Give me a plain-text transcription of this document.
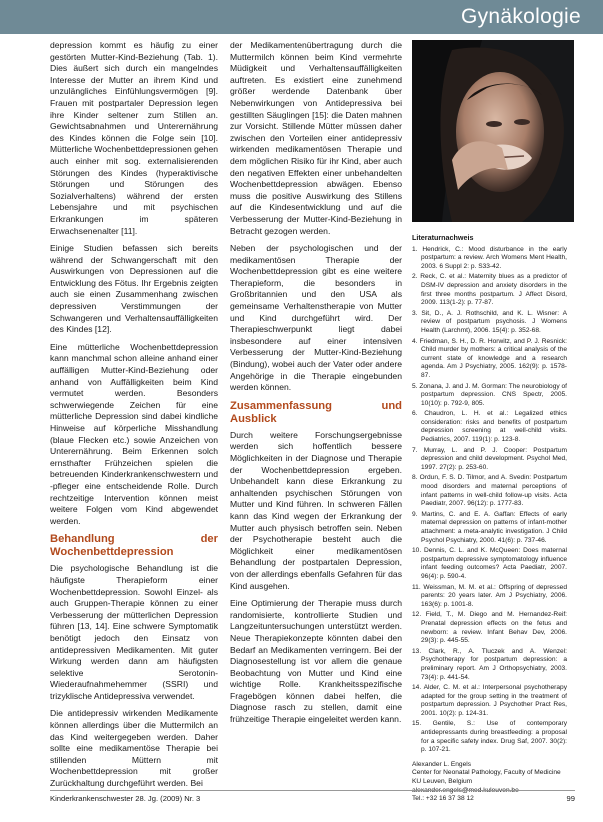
Gynäkologie

depression kommt es häufig zu einer gestörten Mutter-Kind-Beziehung (Tab. 1). Dies äußert sich durch ein mangelndes Interesse der Mutter an ihrem Kind und unzulängliches Einfühlungsvermögen [9]. Frauen mit postpartaler Depression legen ihre Kinder seltener zum Stillen an. Gewichtsabnahmen und Unterernährung des Kindes können die Folge sein [10]. Mütterliche Wochenbettdepressionen gehen auch einher mit sog. externalisierenden Störungen des Kindes (hyperaktivische Störungen und Störungen des Sozialverhaltens) während der ersten Lebensjahre und mit psychischen Erkrankungen im späteren Erwachsenenalter [11].

Einige Studien befassen sich bereits während der Schwangerschaft mit den Auswirkungen von Depressionen auf die Entwicklung des Fötus. Ihr Ergebnis zeigten auch sie einen Zusammenhang zwischen depressiven Verstimmungen der Schwangeren und Verhaltensauffälligkeiten des Kindes [12].

Eine mütterliche Wochenbettdepression kann manchmal schon alleine anhand einer auffälligen Mutter-Kind-Beziehung oder anhand von Auffälligkeiten beim Kind vermutet werden. Besonders schwerwiegende Zeichen für eine mütterliche Depression sind dabei kindliche Hinweise auf körperliche Misshandlung (blaue Flecken etc.) sowie Anzeichen von Unterernährung. Beim Erkennen solch ernsthafter Frühzeichen spielen die betreuenden Kinderkrankenschwestern und -pfleger eine entscheidende Rolle. Durch rechtzeitige Intervention können meist weitere Folgen vom Kind abgewendet werden.

Behandlung der Wochenbettdepression

Die psychologische Behandlung ist die häufigste Therapieform einer Wochenbettdepression. Sowohl Einzel- als auch Gruppen-Therapie können zu einer Verbesserung der mütterlichen Depression führen [13, 14]. Eine schwere Symptomatik benötigt jedoch den Einsatz von antidepressiven Medikamenten. Mit guter Wirkung werden dann am häufigsten selektive Serotonin-Wiederaufnahmehemmer (SSRI) und trizyklische Antidepressiva verwendet.

Die antidepressiv wirkenden Medikamente können allerdings über die Muttermilch an das Kind weitergegeben werden. Daher sollte eine medikamentöse Therapie bei stillenden Müttern mit Wochenbettdepression mit großer Zurückhaltung durchgeführt werden. Bei

der Medikamentenübertragung durch die Muttermilch können beim Kind vermehrte Müdigkeit und Verhaltensauffälligkeiten auftreten. Es existiert eine zunehmend größer werdende Datenbank über Nebenwirkungen von Antidepressiva bei gestillten Säuglingen [15]: die Daten mahnen zur Vorsicht. Stillende Mütter müssen daher zwischen den Vorteilen einer antidepressiv wirkenden medikamentösen Therapie und dem möglichen Risiko für ihr Kind, aber auch den negativen Effekten einer unbehandelten Wochenbettdepression abwägen. Ebenso muss die positive Auswirkung des Stillens auf die Kindesentwicklung und auf die Verbesserung der Mutter-Kind-Beziehung in Betracht gezogen werden.

Neben der psychologischen und der medikamentösen Therapie der Wochenbettdepression gibt es eine weitere Therapieform, die besonders in Großbritannien und den USA als gemeinsame Verhaltenstherapie von Mutter und Kind durchgeführt wird. Der Therapieschwerpunkt liegt dabei insbesondere auf einer intensiven Verbesserung der Mutter-Kind-Beziehung (Bindung), wobei auch der Vater oder andere Angehörige in die Therapie eingebunden werden können.

Zusammenfassung und Ausblick

Durch weitere Forschungsergebnisse werden sich hoffentlich bessere Möglichkeiten in der Diagnose und Therapie der Wochenbettdepression ergeben. Unbehandelt kann diese Erkrankung zu anhaltenden psychischen Störungen von Mutter und Kind führen. In schweren Fällen kann das Kind wegen der Erkrankung der Mutter auch physisch betroffen sein. Neben der Psychotherapie besteht auch die Möglichkeit einer medikamentösen Behandlung der postpartalen Depression, von der allerdings ebenfalls Gefahren für das Kind ausgehen.

Eine Optimierung der Therapie muss durch randomisierte, kontrollierte Studien und Langzeituntersuchungen unterstützt werden. Neue Therapiekonzepte könnten dabei den Bedarf an Medikamenten verringern. Bei der Diagnosestellung ist vor allem die genaue Beobachtung von Mutter und Kind eine wichtige Rolle. Krankheitsspezifische Fragebögen können dabei helfen, die Diagnose rasch zu stellen, damit eine frühzeitige Therapie eingeleitet werden kann.

Literaturnachweis
1. Hendrick, C.: Mood disturbance in the early postpartum: a review. Arch Womens Ment Health, 2003. 6 Suppl 2: p. S33-42.
2. Reck, C. et al.: Maternity blues as a predictor of DSM-IV depression and anxiety disorders in the first three months postpartum. J Affect Disord, 2009. 113(1-2): p. 77-87.
3. Sit, D., A. J. Rothschild, and K. L. Wisner: A review of postpartum psychosis. J Womens Health (Larchmt), 2006. 15(4): p. 352-68.
4. Friedman, S. H., D. R. Horwitz, and P. J. Resnick: Child murder by mothers: a critical analysis of the current state of knowledge and a research agenda. Am J Psychiatry, 2005. 162(9): p. 1578-87.
5. Zonana, J. and J. M. Gorman: The neurobiology of postpartum depression. CNS Spectr, 2005. 10(10): p. 792-9, 805.
6. Chaudron, L. H. et al.: Legalized ethics consideration: risks and benefits of postpartum depression screening at well-child visits. Pediatrics, 2007. 119(1): p. 123-8.
7. Murray, L. and P. J. Cooper: Postpartum depression and child development. Psychol Med, 1997. 27(2): p. 253-60.
8. Ordun, F. S. D. Tilmor, and A. Svedin: Postpartum mood disorders and maternal perceptions of infant patterns in well-child follow-up visits. Acta Paediatr, 2007. 96(12): p. 1777-83.
9. Martins, C. and E. A. Gaffan: Effects of early maternal depression on patterns of infant-mother attachment: a meta-analytic investigation. J Child Psychol Psychiatry, 2000. 41(6): p. 737-46.
10. Dennis, C. L. and K. McQueen: Does maternal postpartum depressive symptomatology influence infant feeding outcomes? Acta Paediatr, 2007. 96(4): p. 590-4.
11. Weissman, M. M. et al.: Offspring of depressed parents: 20 years later. Am J Psychiatry, 2006. 163(6): p. 1001-8.
12. Field, T., M. Diego and M. Hernandez-Reif: Prenatal depression effects on the fetus and newborn: a review. Infant Behav Dev, 2006. 29(3): p. 445-55.
13. Clark, R., A. Tluczek and A. Wenzel: Psychotherapy for postpartum depression: a preliminary report. Am J Orthopsychiatry, 2003. 73(4): p. 441-54.
14. Alder, C. M. et al.: Interpersonal psychotherapy adapted for the group setting in the treatment of postpartum depression. J Psychother Pract Res, 2001. 10(2): p. 124-31.
15. Gentile, S.: Use of contemporary antidepressants during breastfeeding: a proposal for a specific safety index. Drug Saf, 2007. 30(2): p. 107-21.
Alexander L. Engels
Center for Neonatal Pathology, Faculty of Medicine
KU Leuven, Belgium
Tel.: +32 16 37 38 12
Kinderkrankenschwester 28. Jg. (2009) Nr. 3	99
